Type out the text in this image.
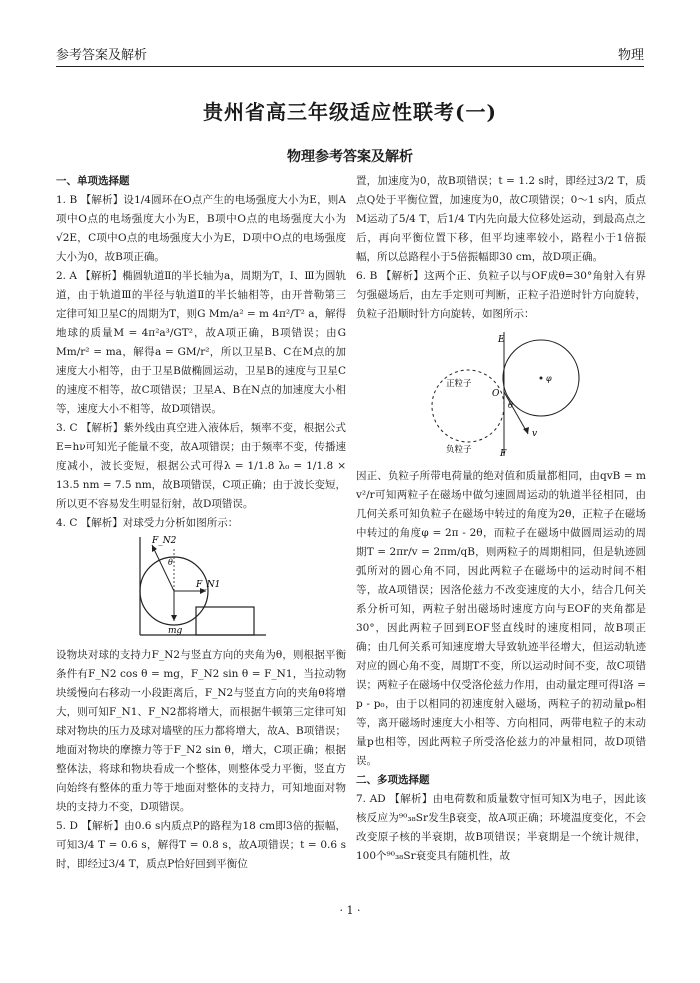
参考答案及解析	物理
贵州省高三年级适应性联考(一)
物理参考答案及解析

一、单项选择题

1. B 【解析】设1/4圆环在O点产生的电场强度大小为E，则A项中O点的电场强度大小为E，B项中O点的电场强度大小为√2E，C项中O点的电场强度大小为E，D项中O点的电场强度大小为0，故B项正确。

2. A 【解析】椭圆轨道Ⅱ的半长轴为a，周期为T，Ⅰ、Ⅲ为圆轨道，由于轨道Ⅲ的半径与轨道Ⅱ的半长轴相等，由开普勒第三定律可知卫星C的周期为T，则G Mm/a² = m 4π²/T² a，解得地球的质量M = 4π²a³/GT²，故A项正确，B项错误；由G Mm/r² = ma，解得a = GM/r²，所以卫星B、C在M点的加速度大小相等，由于卫星B做椭圆运动，卫星B的速度与卫星C的速度不相等，故C项错误；卫星A、B在N点的加速度大小相等，速度大小不相等，故D项错误。

3. C 【解析】紫外线由真空进入液体后，频率不变，根据公式E=hν可知光子能量不变，故A项错误；由于频率不变，传播速度减小，波长变短，根据公式可得λ = 1/1.8 λ₀ = 1/1.8 × 13.5 nm = 7.5 nm，故B项错误，C项正确；由于波长变短，所以更不容易发生明显衍射，故D项错误。

4. C 【解析】对球受力分析如图所示：

F_N2
θ
F_N1
mg

设物块对球的支持力F_N2与竖直方向的夹角为θ，则根据平衡条件有F_N2 cos θ = mg，F_N2 sin θ = F_N1，当拉动物块缓慢向右移动一小段距离后，F_N2与竖直方向的夹角θ将增大，则可知F_N1、F_N2都将增大，而根据牛顿第三定律可知球对物块的压力及球对墙壁的压力都将增大，故A、B项错误；地面对物块的摩擦力等于F_N2 sin θ，增大，C项正确；根据整体法，将球和物块看成一个整体，则整体受力平衡，竖直方向始终有整体的重力等于地面对整体的支持力，可知地面对物块的支持力不变，D项错误。

5. D 【解析】由0.6 s内质点P的路程为18 cm即3倍的振幅，可知3/4 T = 0.6 s，解得T = 0.8 s，故A项错误；t = 0.6 s时，即经过3/4 T，质点P恰好回到平衡位

置，加速度为0，故B项错误；t = 1.2 s时，即经过3/2 T，质点Q处于平衡位置，加速度为0，故C项错误；0～1 s内，质点M运动了5/4 T，后1/4 T内先向最大位移处运动，到最高点之后，再向平衡位置下移，但平均速率较小，路程小于1倍振幅，所以总路程小于5倍振幅即30 cm，故D项正确。

6. B 【解析】这两个正、负粒子以与OF成θ=30°角射入有界匀强磁场后，由左手定则可判断，正粒子沿逆时针方向旋转，负粒子沿顺时针方向旋转，如图所示：

E
O
正粒子
负粒子
v
F
φ
θ

因正、负粒子所带电荷量的绝对值和质量都相同，由qvB = m v²/r可知两粒子在磁场中做匀速圆周运动的轨道半径相同，由几何关系可知负粒子在磁场中转过的角度为2θ，正粒子在磁场中转过的角度φ = 2π - 2θ，而粒子在磁场中做圆周运动的周期T = 2πr/v = 2πm/qB，则两粒子的周期相同，但是轨迹圆弧所对的圆心角不同，因此两粒子在磁场中的运动时间不相等，故A项错误；因洛伦兹力不改变速度的大小，结合几何关系分析可知，两粒子射出磁场时速度方向与EOF的夹角都是30°，因此两粒子回到EOF竖直线时的速度相同，故B项正确；由几何关系可知速度增大导致轨迹半径增大，但运动轨迹对应的圆心角不变，周期T不变，所以运动时间不变，故C项错误；两粒子在磁场中仅受洛伦兹力作用，由动量定理可得I洛 = p - p₀，由于以相同的初速度射入磁场，两粒子的初动量p₀相等，离开磁场时速度大小相等、方向相同，两带电粒子的末动量p也相等，因此两粒子所受洛伦兹力的冲量相同，故D项错误。

二、多项选择题

7. AD 【解析】由电荷数和质量数守恒可知X为电子，因此该核反应为⁹⁰₃₈Sr发生β衰变，故A项正确；环境温度变化，不会改变原子核的半衰期，故B项错误；半衰期是一个统计规律，100个⁹⁰₃₈Sr衰变具有随机性，故

· 1 ·
